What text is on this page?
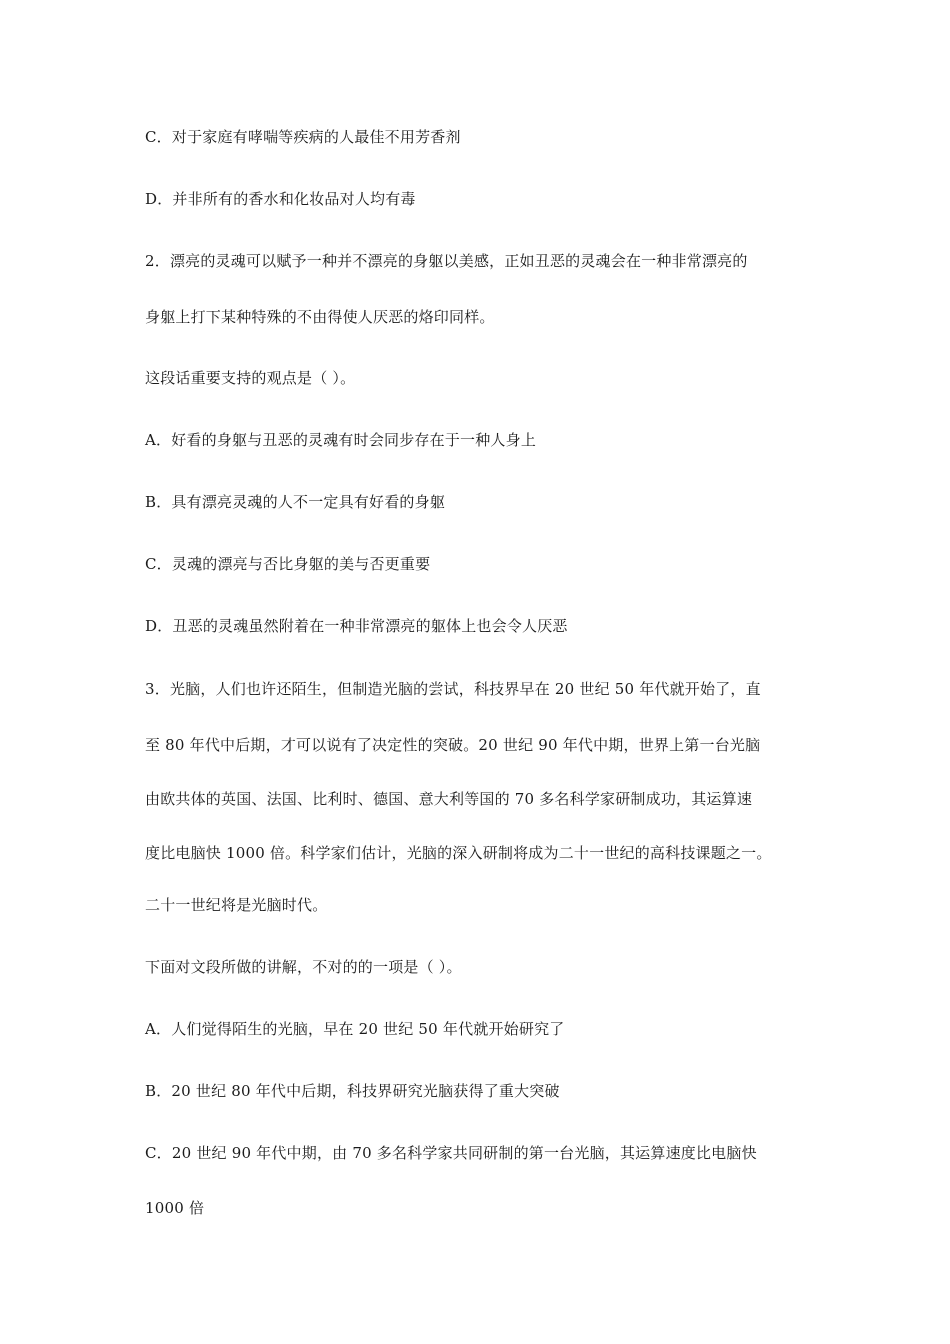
C．对于家庭有哮喘等疾病的人最佳不用芳香剂
D．并非所有的香水和化妆品对人均有毒
2．漂亮的灵魂可以赋予一种并不漂亮的身躯以美感，正如丑恶的灵魂会在一种非常漂亮的
身躯上打下某种特殊的不由得使人厌恶的烙印同样。
这段话重要支持的观点是（ ）。
A．好看的身躯与丑恶的灵魂有时会同步存在于一种人身上
B．具有漂亮灵魂的人不一定具有好看的身躯
C．灵魂的漂亮与否比身躯的美与否更重要
D．丑恶的灵魂虽然附着在一种非常漂亮的躯体上也会令人厌恶
3．光脑，人们也许还陌生，但制造光脑的尝试，科技界早在 20 世纪 50 年代就开始了，直
至 80 年代中后期，才可以说有了决定性的突破。20 世纪 90 年代中期，世界上第一台光脑
由欧共体的英国、法国、比利时、德国、意大利等国的 70 多名科学家研制成功，其运算速
度比电脑快 1000 倍。科学家们估计，光脑的深入研制将成为二十一世纪的高科技课题之一。
二十一世纪将是光脑时代。
下面对文段所做的讲解，不对的的一项是（ ）。
A．人们觉得陌生的光脑，早在 20 世纪 50 年代就开始研究了
B．20 世纪 80 年代中后期，科技界研究光脑获得了重大突破
C．20 世纪 90 年代中期，由 70 多名科学家共同研制的第一台光脑，其运算速度比电脑快
1000 倍
